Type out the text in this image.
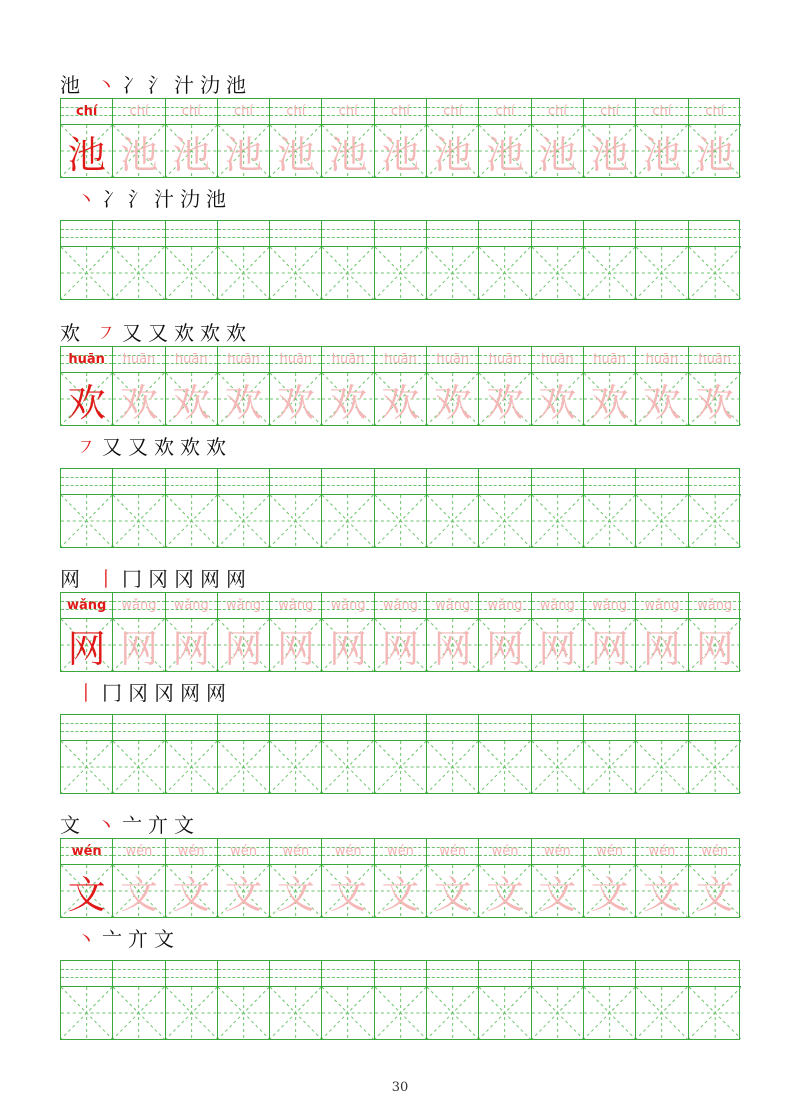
池 丶 冫 氵 汁 氻 池
chí
池
chí
池
chí
池
chí
池
chí
池
chí
池
chí
池
chí
池
chí
池
chí
池
chí
池
chí
池
chí
池
丶 冫 氵 汁 氻 池
欢 ㇇ 又 又 欢 欢 欢
huān
欢
huān
欢
huān
欢
huān
欢
huān
欢
huān
欢
huān
欢
huān
欢
huān
欢
huān
欢
huān
欢
huān
欢
huān
欢
㇇ 又 又 欢 欢 欢
网 丨 冂 冈 冈 网 网
wǎng
网
wǎng
网
wǎng
网
wǎng
网
wǎng
网
wǎng
网
wǎng
网
wǎng
网
wǎng
网
wǎng
网
wǎng
网
wǎng
网
wǎng
网
丨 冂 冈 冈 网 网
文 丶 亠 亣 文
wén
文
wén
文
wén
文
wén
文
wén
文
wén
文
wén
文
wén
文
wén
文
wén
文
wén
文
wén
文
wén
文
丶 亠 亣 文
30
